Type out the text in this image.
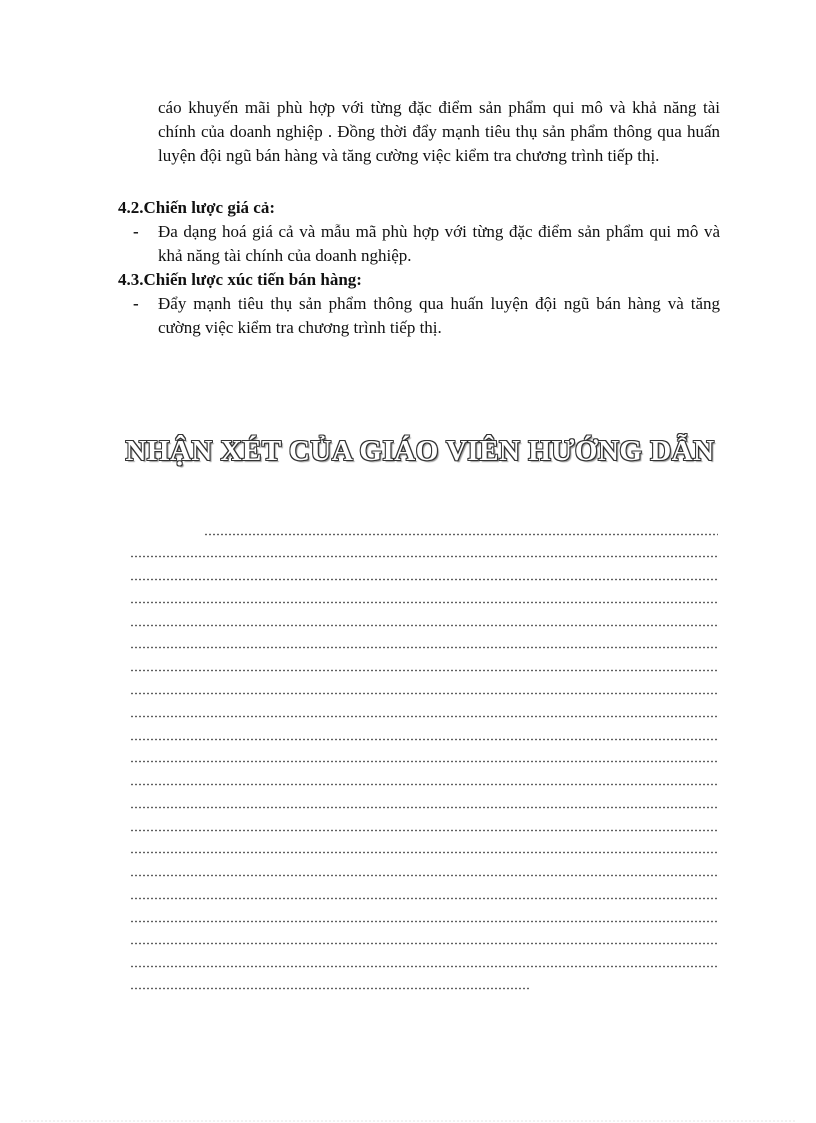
cáo khuyến mãi phù hợp với từng đặc điểm sản phẩm qui mô và khả năng tài chính của doanh nghiệp . Đồng thời đẩy mạnh tiêu thụ sản phẩm thông qua huấn luyện đội ngũ bán hàng và tăng cường việc kiểm tra chương trình tiếp thị.

4.2.Chiến lược giá cả:

- Đa dạng hoá giá cả và mẫu mã phù hợp với từng đặc điểm sản phẩm qui mô và khả năng tài chính của doanh nghiệp.

4.3.Chiến lược xúc tiến bán hàng:

- Đẩy mạnh tiêu thụ sản phẩm thông qua huấn luyện đội ngũ bán hàng và tăng cường việc kiểm tra chương trình tiếp thị.

NHẬN XÉT CỦA GIÁO VIÊN HƯỚNG DẪN
